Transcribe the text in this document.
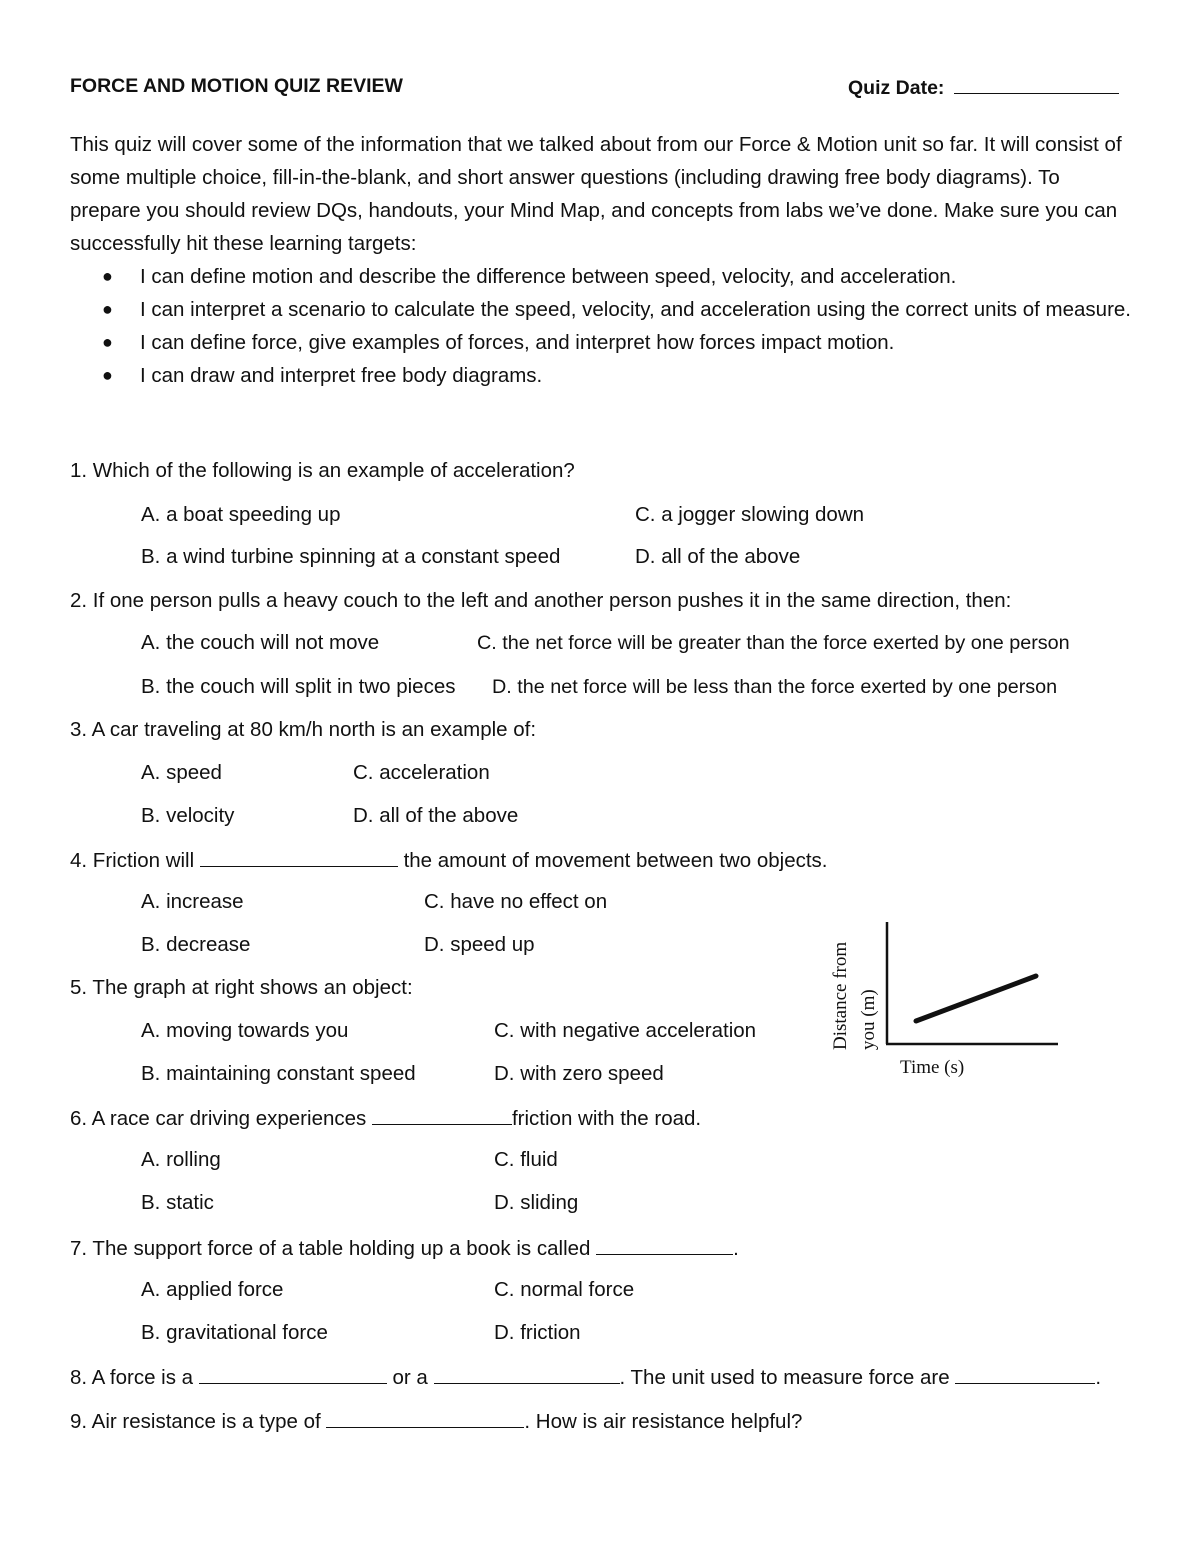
FORCE AND MOTION QUIZ REVIEW	Quiz Date:

This quiz will cover some of the information that we talked about from our Force & Motion unit so far. It will consist of some multiple choice, fill-in-the-blank, and short answer questions (including drawing free body diagrams). To prepare you should review DQs, handouts, your Mind Map, and concepts from labs we’ve done. Make sure you can successfully hit these learning targets:

● I can define motion and describe the difference between speed, velocity, and acceleration.
● I can interpret a scenario to calculate the speed, velocity, and acceleration using the correct units of measure.
● I can define force, give examples of forces, and interpret how forces impact motion.
● I can draw and interpret free body diagrams.
1. Which of the following is an example of acceleration?
A. a boat speeding up	C. a jogger slowing down
B. a wind turbine spinning at a constant speed	D. all of the above
2. If one person pulls a heavy couch to the left and another person pushes it in the same direction, then:
A. the couch will not move	C. the net force will be greater than the force exerted by one person
B. the couch will split in two pieces D. the net force will be less than the force exerted by one person
3. A car traveling at 80 km/h north is an example of:
A. speed	C. acceleration
B. velocity	D. all of the above
4. Friction will	the amount of movement between two objects.
A. increase	C. have no effect on
B. decrease	D. speed up
5. The graph at right shows an object:
A. moving towards you	C. with negative acceleration
B. maintaining constant speed	D. with zero speed
Distance from you (m)
Time (s)
6. A race car driving experiences	friction with the road.
A. rolling	C. fluid
B. static	D. sliding
7. The support force of a table holding up a book is called	.
A. applied force	C. normal force
B. gravitational force	D. friction
8. A force is a	or a	. The unit used to measure force are	.
9. Air resistance is a type of	. How is air resistance helpful?
